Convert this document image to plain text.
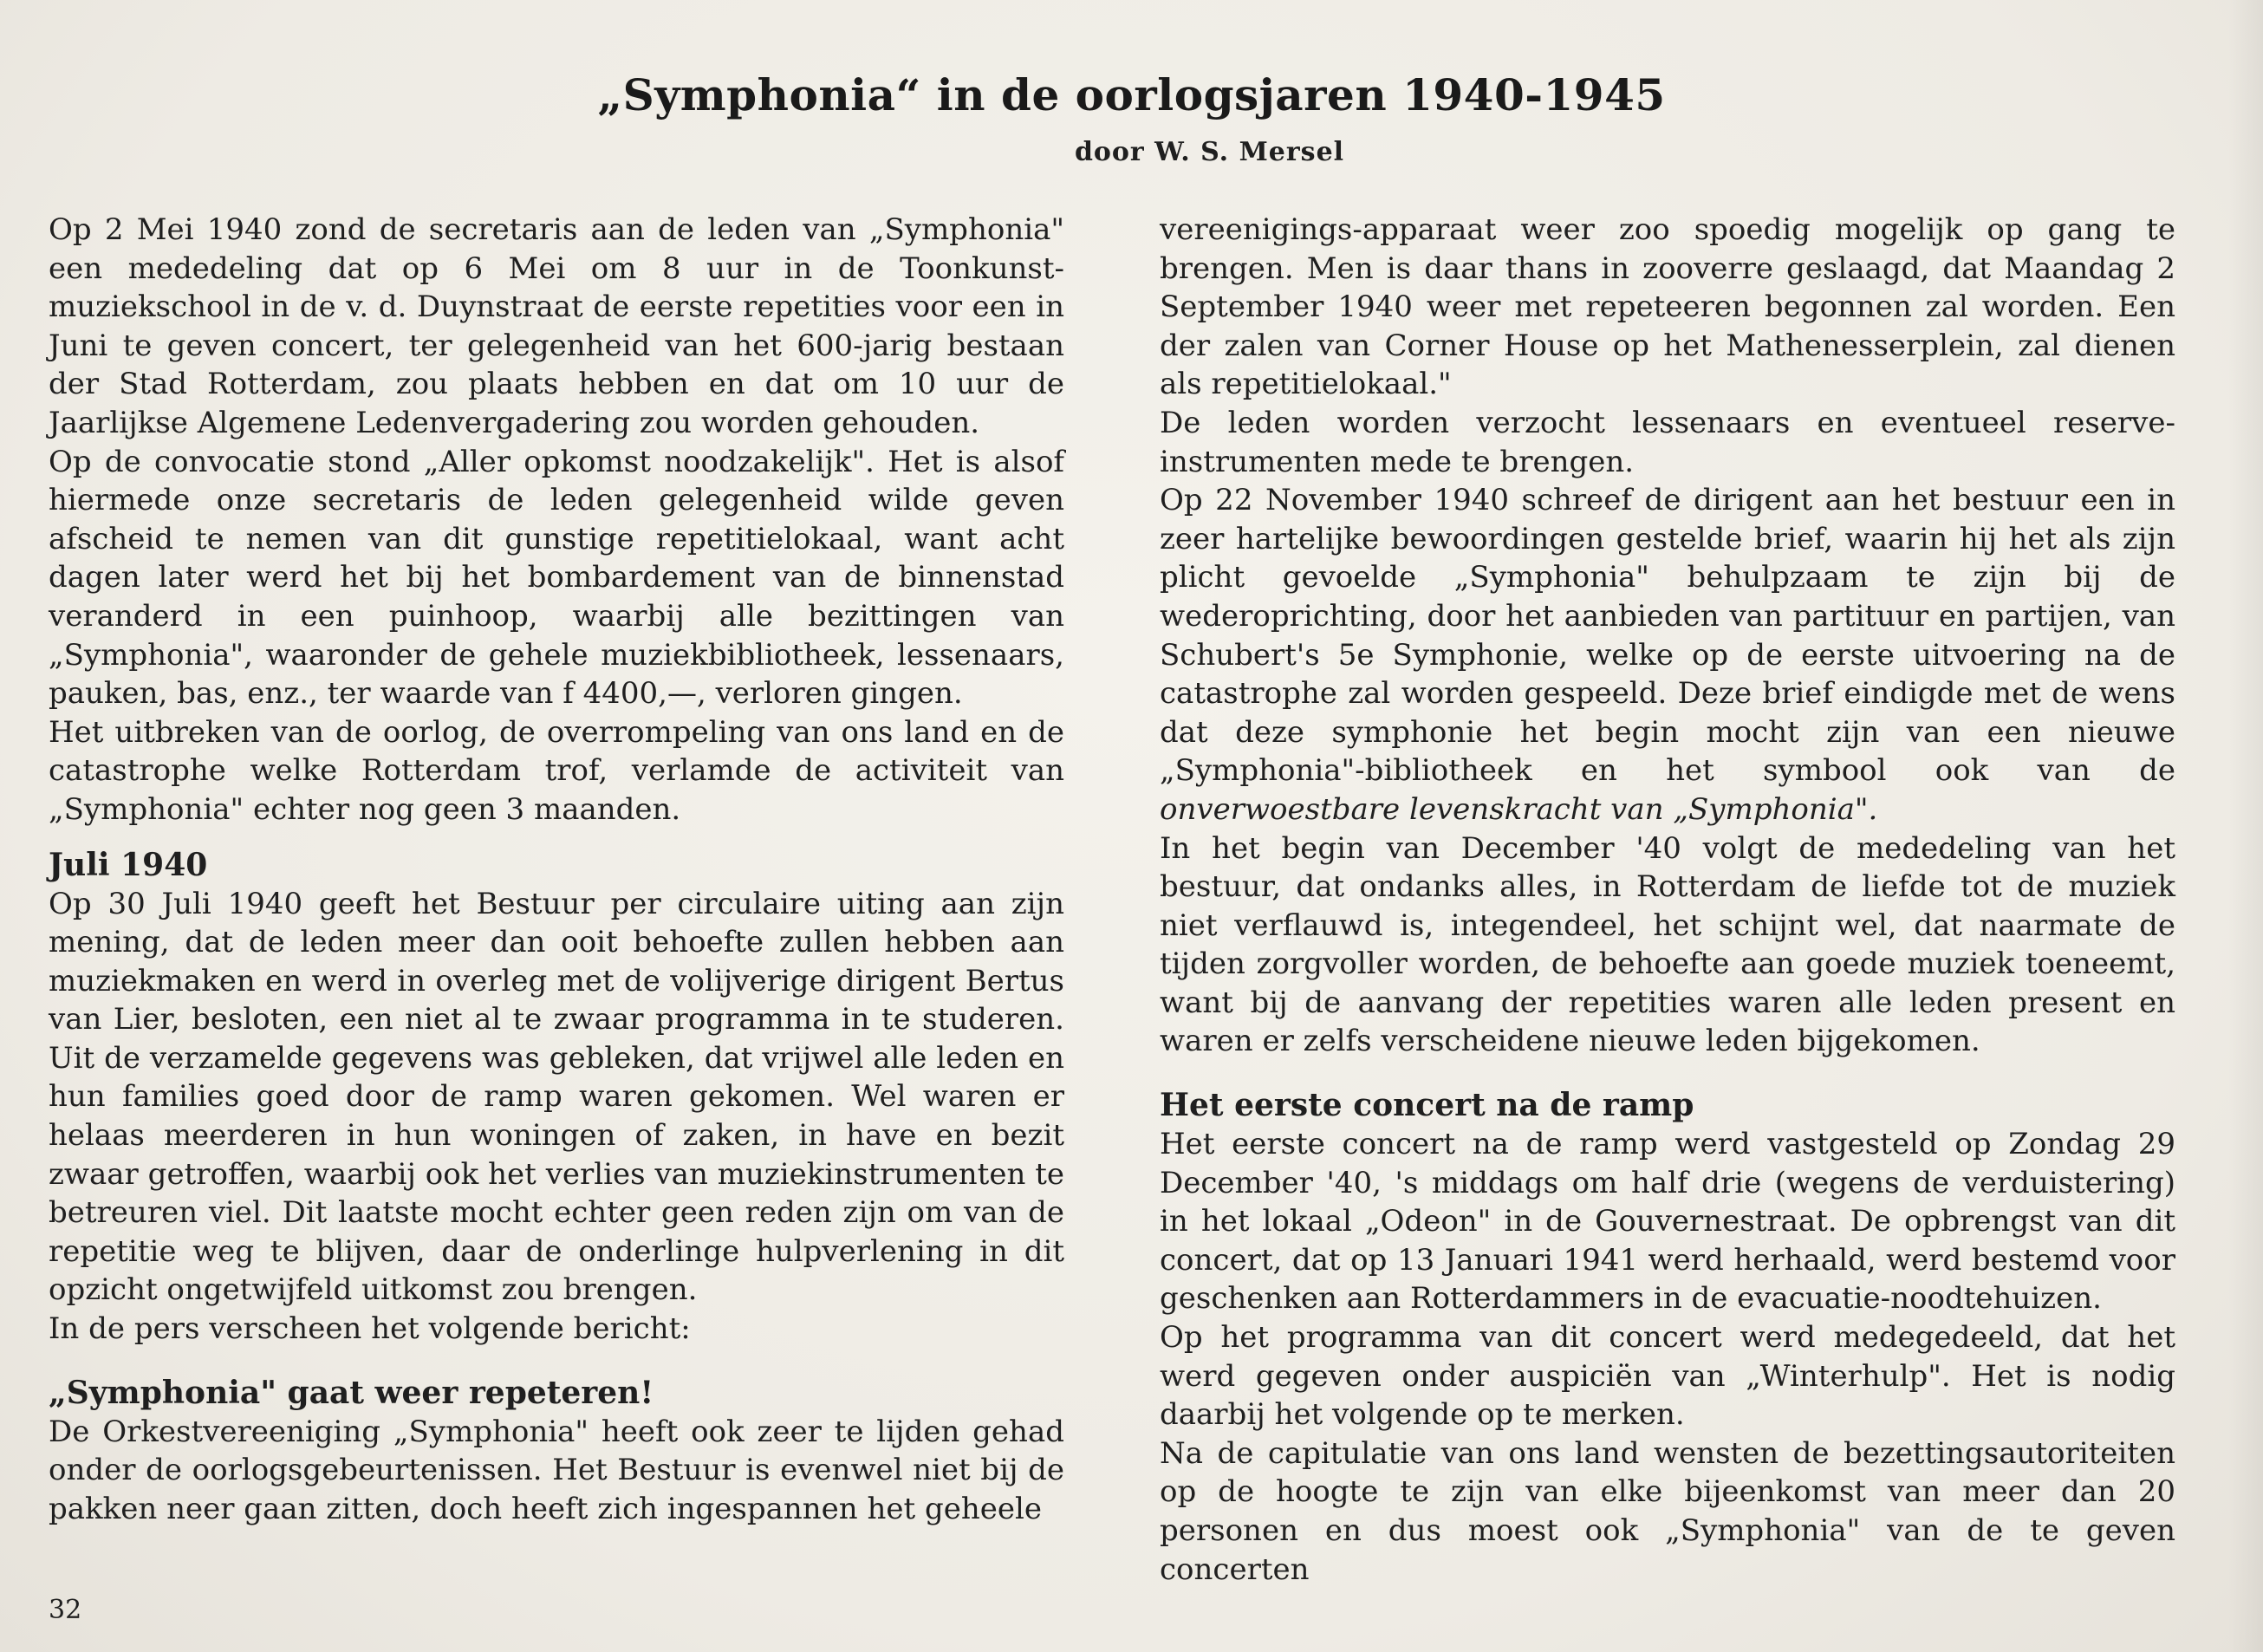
„Symphonia“ in de oorlogsjaren 1940-1945
door W. S. Mersel

Op 2 Mei 1940 zond de secretaris aan de leden van „Symphonia" een mededeling dat op 6 Mei om 8 uur in de Toonkunst-muziekschool in de v. d. Duynstraat de eerste repetities voor een in Juni te geven concert, ter gelegenheid van het 600-jarig bestaan der Stad Rotterdam, zou plaats hebben en dat om 10 uur de Jaarlijkse Algemene Ledenvergadering zou worden gehouden.

Op de convocatie stond „Aller opkomst noodzakelijk". Het is alsof hiermede onze secretaris de leden gelegenheid wilde geven afscheid te nemen van dit gunstige repetitielokaal, want acht dagen later werd het bij het bombardement van de binnenstad veranderd in een puinhoop, waarbij alle bezittingen van „Symphonia", waaronder de gehele muziekbibliotheek, lessenaars, pauken, bas, enz., ter waarde van f 4400,—, verloren gingen.

Het uitbreken van de oorlog, de overrompeling van ons land en de catastrophe welke Rotterdam trof, verlamde de activiteit van „Symphonia" echter nog geen 3 maanden.

Juli 1940

Op 30 Juli 1940 geeft het Bestuur per circulaire uiting aan zijn mening, dat de leden meer dan ooit behoefte zullen hebben aan muziekmaken en werd in overleg met de volijverige dirigent Bertus van Lier, besloten, een niet al te zwaar programma in te studeren. Uit de verzamelde gegevens was gebleken, dat vrijwel alle leden en hun families goed door de ramp waren gekomen. Wel waren er helaas meerderen in hun woningen of zaken, in have en bezit zwaar getroffen, waarbij ook het verlies van muziekinstrumenten te betreuren viel. Dit laatste mocht echter geen reden zijn om van de repetitie weg te blijven, daar de onderlinge hulpverlening in dit opzicht ongetwijfeld uitkomst zou brengen.

In de pers verscheen het volgende bericht:

„Symphonia" gaat weer repeteren!

De Orkestvereeniging „Symphonia" heeft ook zeer te lijden gehad onder de oorlogsgebeurtenissen. Het Bestuur is evenwel niet bij de pakken neer gaan zitten, doch heeft zich ingespannen het geheele

vereenigings-apparaat weer zoo spoedig mogelijk op gang te brengen. Men is daar thans in zooverre geslaagd, dat Maandag 2 September 1940 weer met repeteeren begonnen zal worden. Een der zalen van Corner House op het Mathenesserplein, zal dienen als repetitielokaal."

De leden worden verzocht lessenaars en eventueel reserve-instrumenten mede te brengen.

Op 22 November 1940 schreef de dirigent aan het bestuur een in zeer hartelijke bewoordingen gestelde brief, waarin hij het als zijn plicht gevoelde „Symphonia" behulpzaam te zijn bij de wederoprichting, door het aanbieden van partituur en partijen, van Schubert's 5e Symphonie, welke op de eerste uitvoering na de catastrophe zal worden gespeeld. Deze brief eindigde met de wens dat deze symphonie het begin mocht zijn van een nieuwe „Symphonia"-bibliotheek en het symbool ook van de onverwoestbare levenskracht van „Symphonia".

In het begin van December '40 volgt de mededeling van het bestuur, dat ondanks alles, in Rotterdam de liefde tot de muziek niet verflauwd is, integendeel, het schijnt wel, dat naarmate de tijden zorgvoller worden, de behoefte aan goede muziek toeneemt, want bij de aanvang der repetities waren alle leden present en waren er zelfs verscheidene nieuwe leden bijgekomen.

Het eerste concert na de ramp

Het eerste concert na de ramp werd vastgesteld op Zondag 29 December '40, 's middags om half drie (wegens de verduistering) in het lokaal „Odeon" in de Gouvernestraat. De opbrengst van dit concert, dat op 13 Januari 1941 werd herhaald, werd bestemd voor geschenken aan Rotterdammers in de evacuatie-noodtehuizen.

Op het programma van dit concert werd medegedeeld, dat het werd gegeven onder auspiciën van „Winterhulp". Het is nodig daarbij het volgende op te merken.

Na de capitulatie van ons land wensten de bezettingsautoriteiten op de hoogte te zijn van elke bijeenkomst van meer dan 20 personen en dus moest ook „Symphonia" van de te geven concerten

32
